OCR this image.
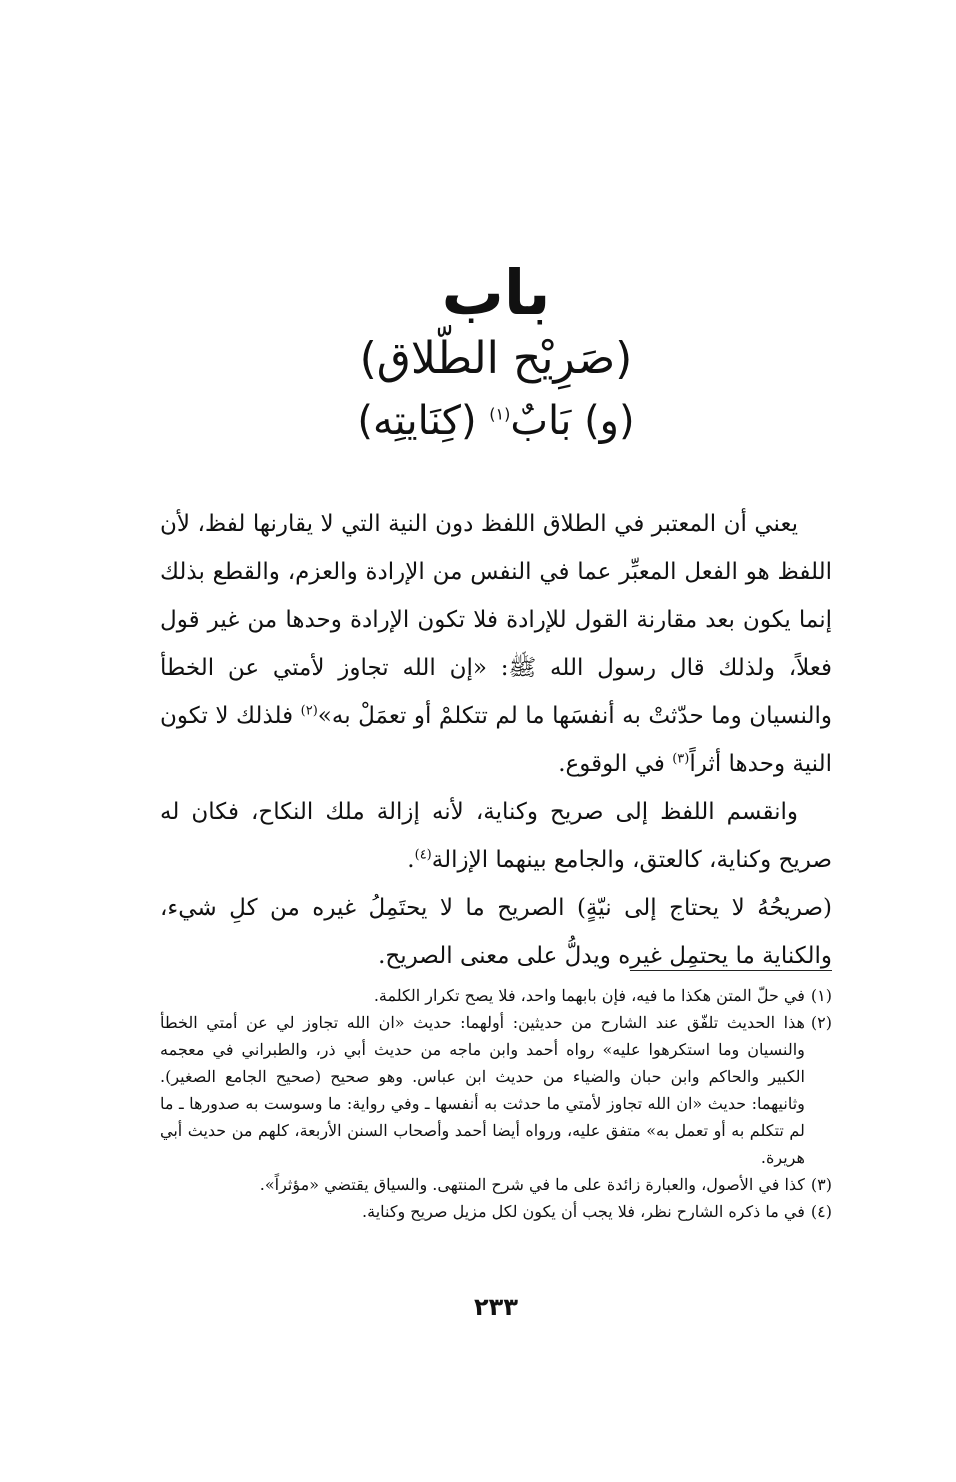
باب
(صَرِيْح الطّلاق)
(و) بَابٌ$^{(١)}$ (كِنَايتِه)

يعني أن المعتبر في الطلاق اللفظ دون النية التي لا يقارنها لفظ، لأن اللفظ هو الفعل المعبِّر عما في النفس من الإرادة والعزم، والقطع بذلك إنما يكون بعد مقارنة القول للإرادة فلا تكون الإرادة وحدها من غير قول فعلاً، ولذلك قال رسول الله ﷺ: «إن الله تجاوز لأمتي عن الخطأ والنسيان وما حدّثتْ به أنفسَها ما لم تتكلمْ أو تعمَلْ به»$^{(٢)}$ فلذلك لا تكون النية وحدها أثراً$^{(٣)}$ في الوقوع.

وانقسم اللفظ إلى صريح وكناية، لأنه إزالة ملك النكاح، فكان له صريح وكناية، كالعتق، والجامع بينهما الإزالة$^{(٤)}$.

(صريحُهُ لا يحتاج إلى نيّةٍ) الصريح ما لا يحتَمِلُ غيره من كلِ شيء، والكناية ما يحتمِل غيره ويدلُّ على معنى الصريح.

(١)
في حلّ المتن هكذا ما فيه، فإن بابهما واحد، فلا يصح تكرار الكلمة.
(٢)
هذا الحديث تلفّق عند الشارح من حديثين: أولهما: حديث «ان الله تجاوز لي عن أمتي الخطأ والنسيان وما استكرهوا عليه» رواه أحمد وابن ماجه من حديث أبي ذر، والطبراني في معجمه الكبير والحاكم وابن حبان والضياء من حديث ابن عباس. وهو صحيح (صحيح الجامع الصغير). وثانيهما: حديث «ان الله تجاوز لأمتي ما حدثت به أنفسها ـ وفي رواية: ما وسوست به صدورها ـ ما لم تتكلم به أو تعمل به» متفق عليه، ورواه أيضا أحمد وأصحاب السنن الأربعة، كلهم من حديث أبي هريرة.
(٣)
كذا في الأصول، والعبارة زائدة على ما في شرح المنتهى. والسياق يقتضي «مؤثراً».
(٤)
في ما ذكره الشارح نظر، فلا يجب أن يكون لكل مزيل صريح وكناية.
٢٣٣
